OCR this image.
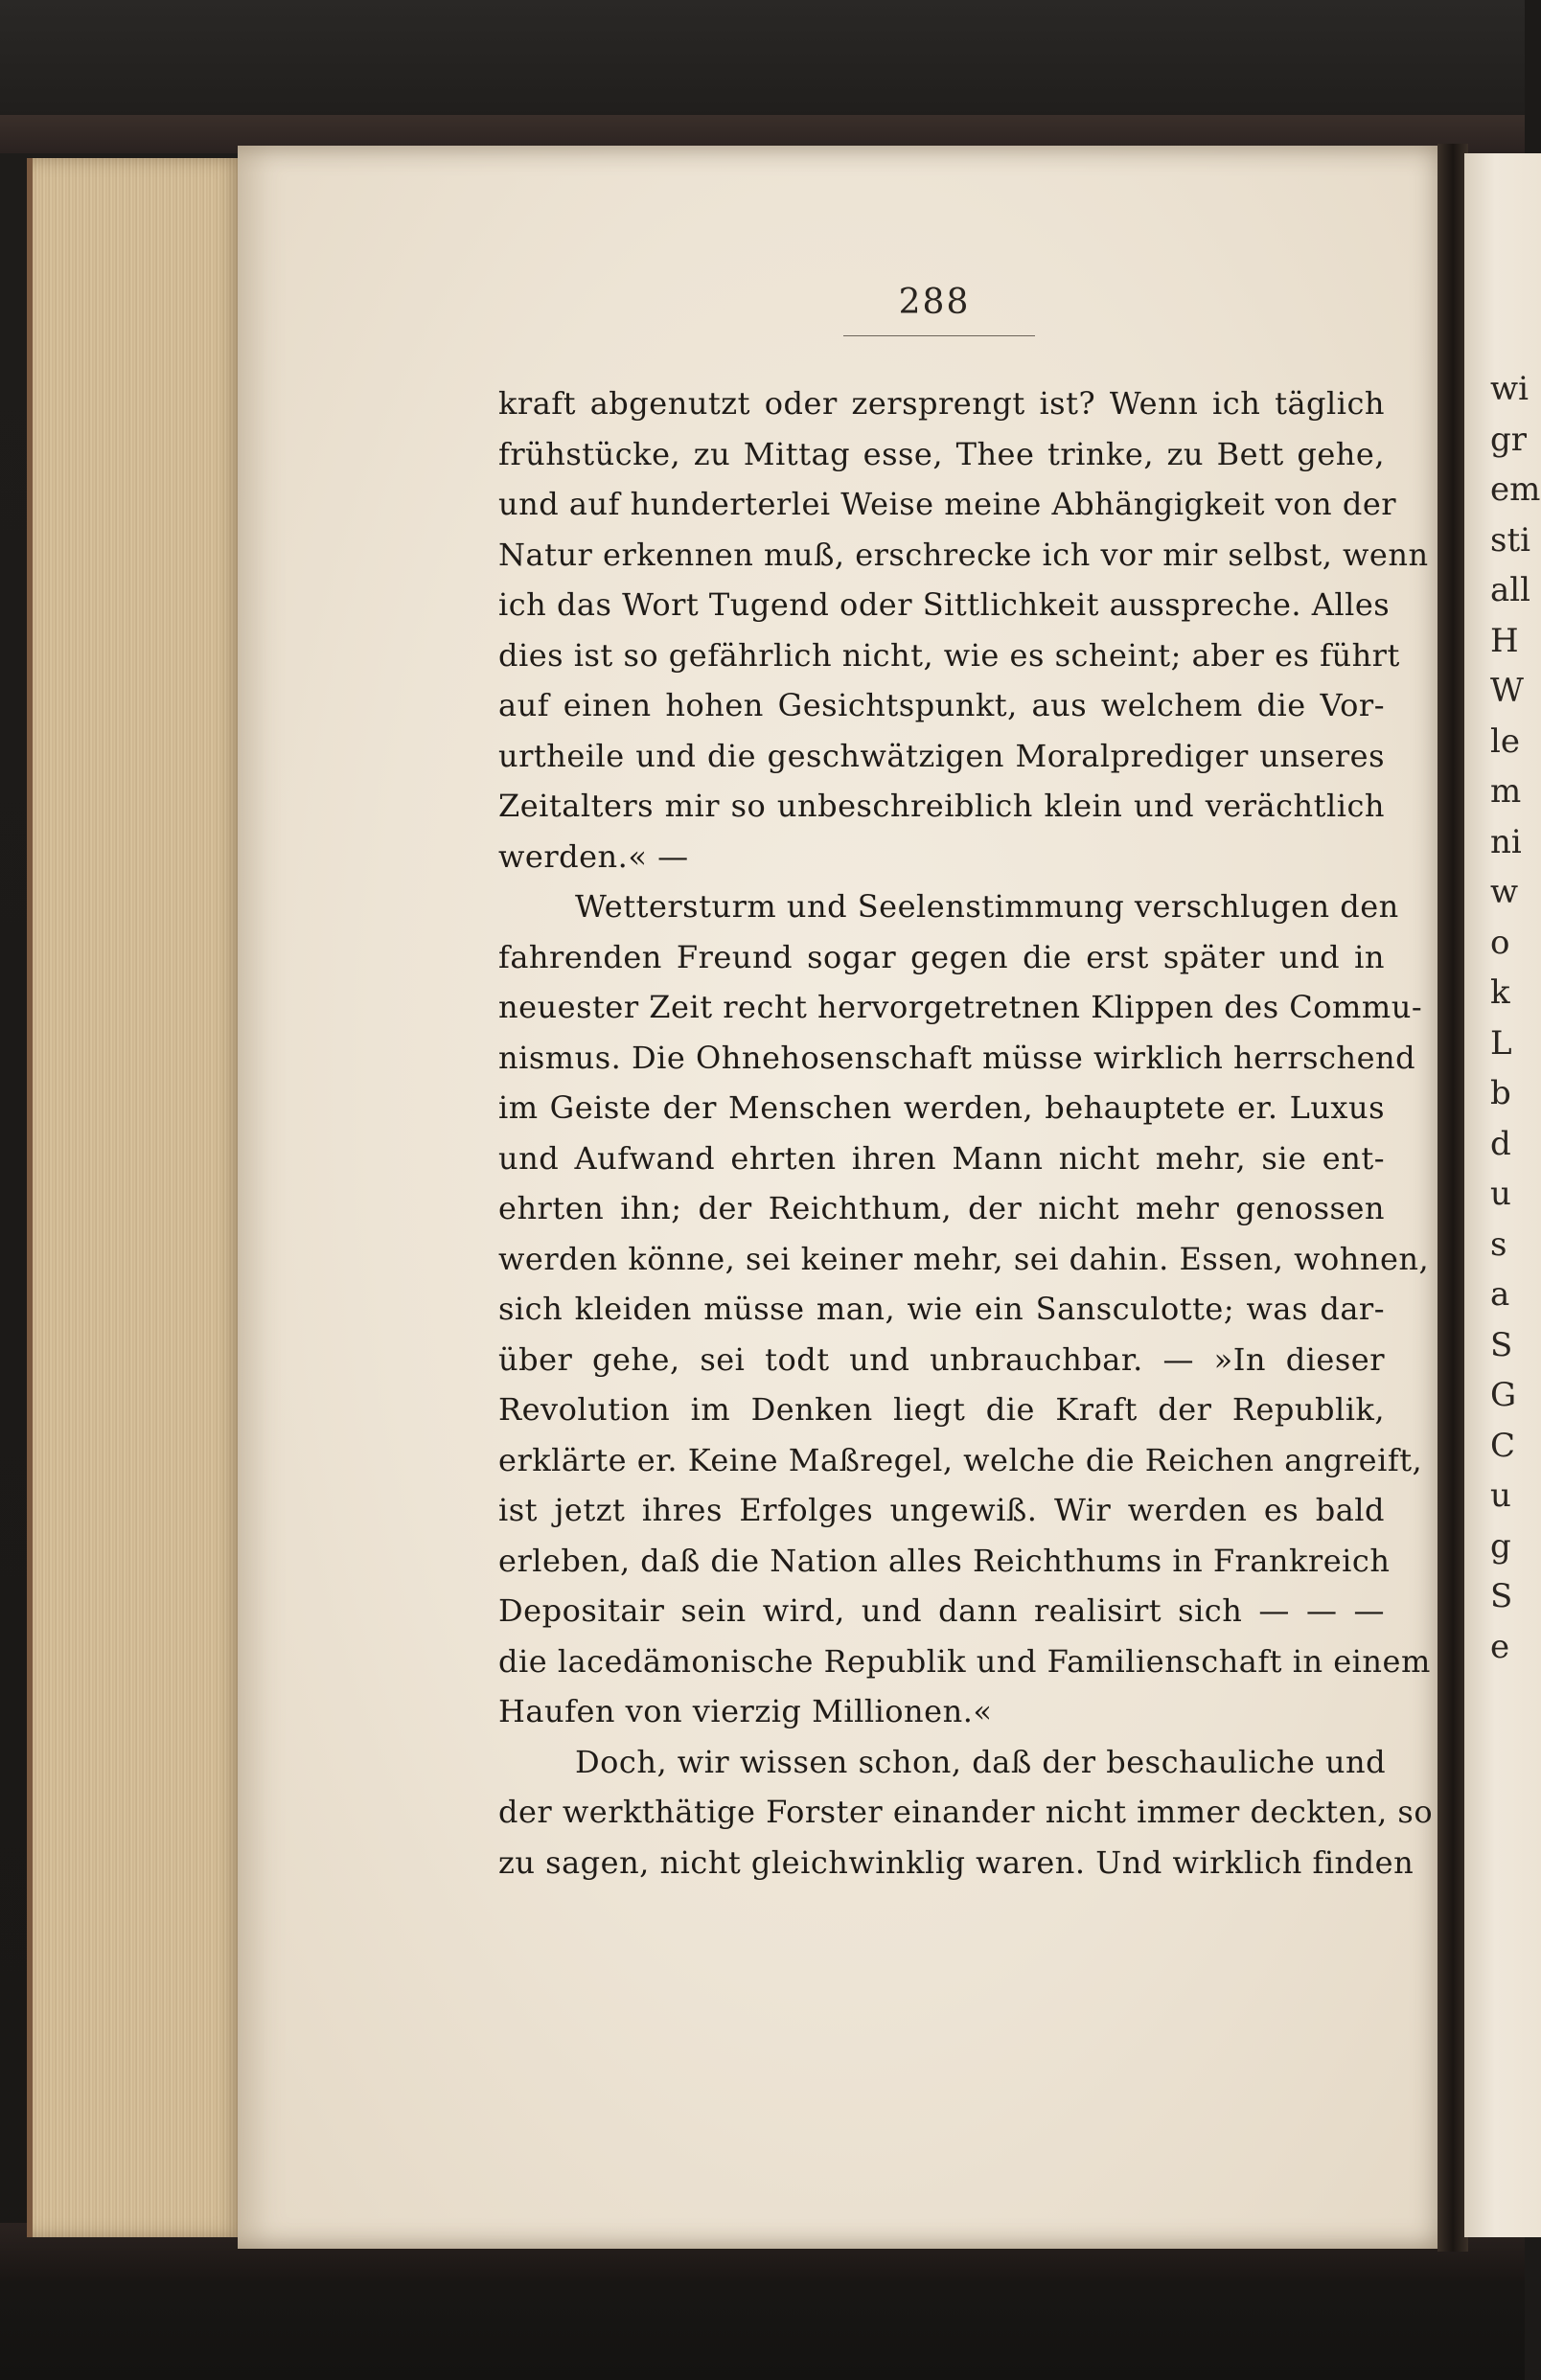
wi
gr
em
sti
all
H
W
le
m
ni
w
o
k
L
b
d
u
s
a
S
G
C
u
g
S
e
288
kraft abgenutzt oder zersprengt ist? Wenn ich täglich
frühstücke, zu Mittag esse, Thee trinke, zu Bett gehe,
und auf hunderterlei Weise meine Abhängigkeit von der
Natur erkennen muß, erschrecke ich vor mir selbst, wenn
ich das Wort Tugend oder Sittlichkeit ausspreche. Alles
dies ist so gefährlich nicht, wie es scheint; aber es führt
auf einen hohen Gesichtspunkt, aus welchem die Vor-
urtheile und die geschwätzigen Moralprediger unseres
Zeitalters mir so unbeschreiblich klein und verächtlich
werden.« —
Wettersturm und Seelenstimmung verschlugen den
fahrenden Freund sogar gegen die erst später und in
neuester Zeit recht hervorgetretnen Klippen des Commu-
nismus. Die Ohnehosenschaft müsse wirklich herrschend
im Geiste der Menschen werden, behauptete er. Luxus
und Aufwand ehrten ihren Mann nicht mehr, sie ent-
ehrten ihn; der Reichthum, der nicht mehr genossen
werden könne, sei keiner mehr, sei dahin. Essen, wohnen,
sich kleiden müsse man, wie ein Sansculotte; was dar-
über gehe, sei todt und unbrauchbar. — »In dieser
Revolution im Denken liegt die Kraft der Republik,
erklärte er. Keine Maßregel, welche die Reichen angreift,
ist jetzt ihres Erfolges ungewiß. Wir werden es bald
erleben, daß die Nation alles Reichthums in Frankreich
Depositair sein wird, und dann realisirt sich — — —
die lacedämonische Republik und Familienschaft in einem
Haufen von vierzig Millionen.«
Doch, wir wissen schon, daß der beschauliche und
der werkthätige Forster einander nicht immer deckten, so
zu sagen, nicht gleichwinklig waren. Und wirklich finden
